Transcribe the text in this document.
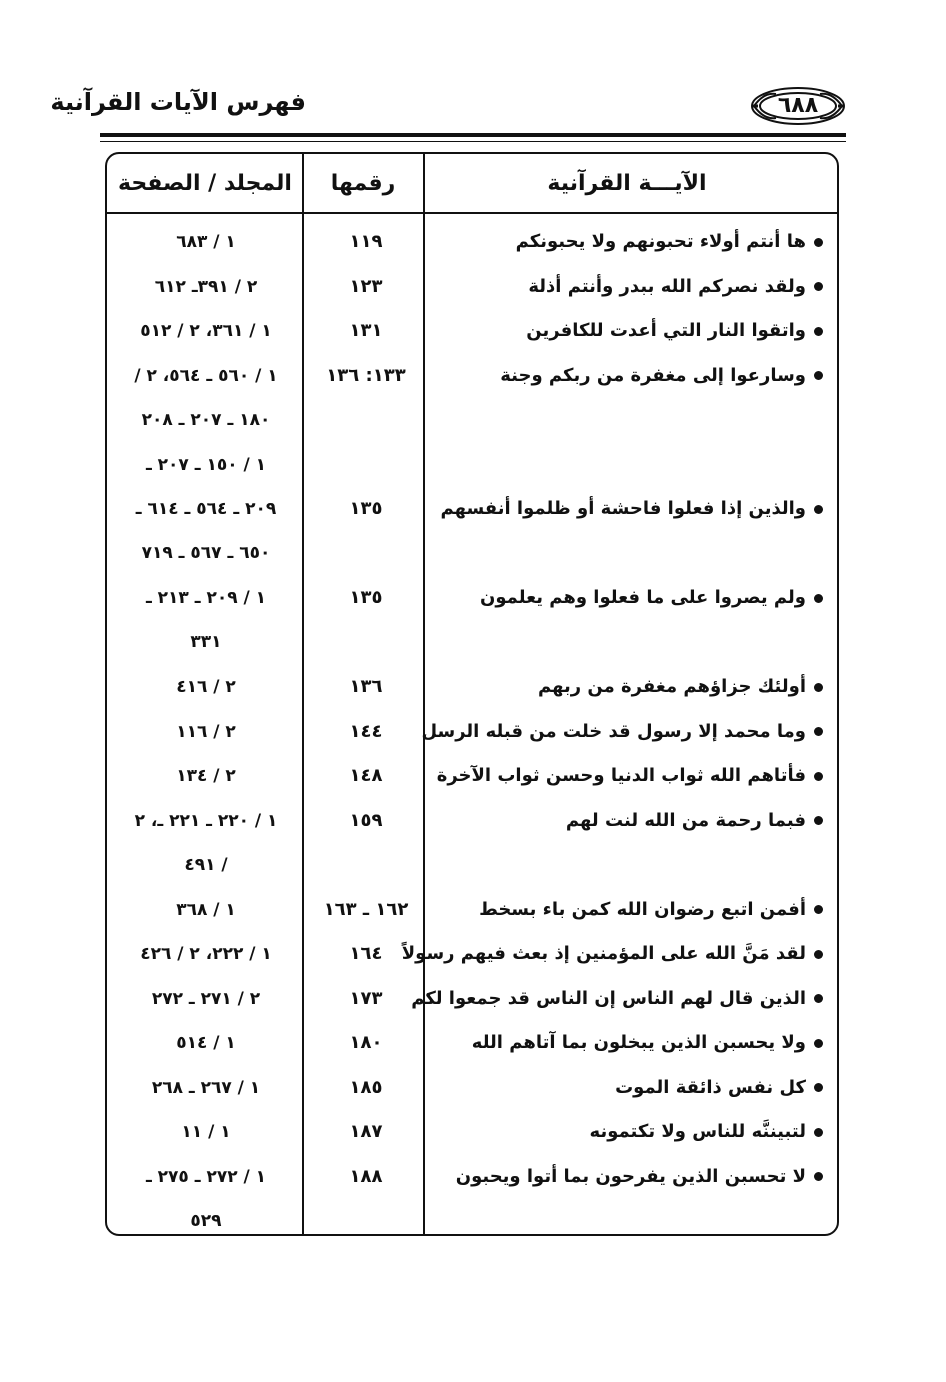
فهرس الآيات القرآنية	٦٨٨
الآيـــة القرآنية
رقمها
المجلد / الصفحة
ها أنتم أولاء تحبونهم ولا يحبونكم
١١٩
١ / ٦٨٣
ولقد نصركم الله ببدر وأنتم أذلة
١٢٣
٢ / ٣٩١ـ ٦١٢
واتقوا النار التي أعدت للكافرين
١٣١
١ / ٣٦١، ٢ / ٥١٢
وسارعوا إلى مغفرة من ربكم وجنة
١٣٣: ١٣٦
١ / ٥٦٠ ـ ٥٦٤، ٢ /
١٨٠ ـ ٢٠٧ ـ ٢٠٨
والذين إذا فعلوا فاحشة أو ظلموا أنفسهم
١٣٥
١ / ١٥٠ ـ ٢٠٧ ـ
٢٠٩ ـ ٥٦٤ ـ ٦١٤ ـ
٦٥٠ ـ ٥٦٧ ـ ٧١٩
ولم يصروا على ما فعلوا وهم يعلمون
١٣٥
١ / ٢٠٩ ـ ٢١٣ ـ
٣٣١
أولئك جزاؤهم مغفرة من ربهم
١٣٦
٢ / ٤١٦
وما محمد إلا رسول قد خلت من قبله الرسل
١٤٤
٢ / ١١٦
فأتاهم الله ثواب الدنيا وحسن ثواب الآخرة
١٤٨
٢ / ١٣٤
فبما رحمة من الله لنت لهم
١٥٩
١ / ٢٢٠ ـ ٢٢١ ـ، ٢
/ ٤٩١
أفمن اتبع رضوان الله كمن باء بسخط
١٦٢ ـ ١٦٣
١ / ٣٦٨
لقد مَنَّ الله على المؤمنين إذ بعث فيهم رسولاً
١٦٤
١ / ٢٢٢، ٢ / ٤٢٦
الذين قال لهم الناس إن الناس قد جمعوا لكم
١٧٣
٢ / ٢٧١ ـ ٢٧٢
ولا يحسبن الذين يبخلون بما آتاهم الله
١٨٠
١ / ٥١٤
كل نفس ذائقة الموت
١٨٥
١ / ٢٦٧ ـ ٢٦٨
لتبيننَّه للناس ولا تكتمونه
١٨٧
١ / ١١
لا تحسبن الذين يفرحون بما أتوا ويحبون
١٨٨
١ / ٢٧٢ ـ ٢٧٥ ـ
٥٢٩
